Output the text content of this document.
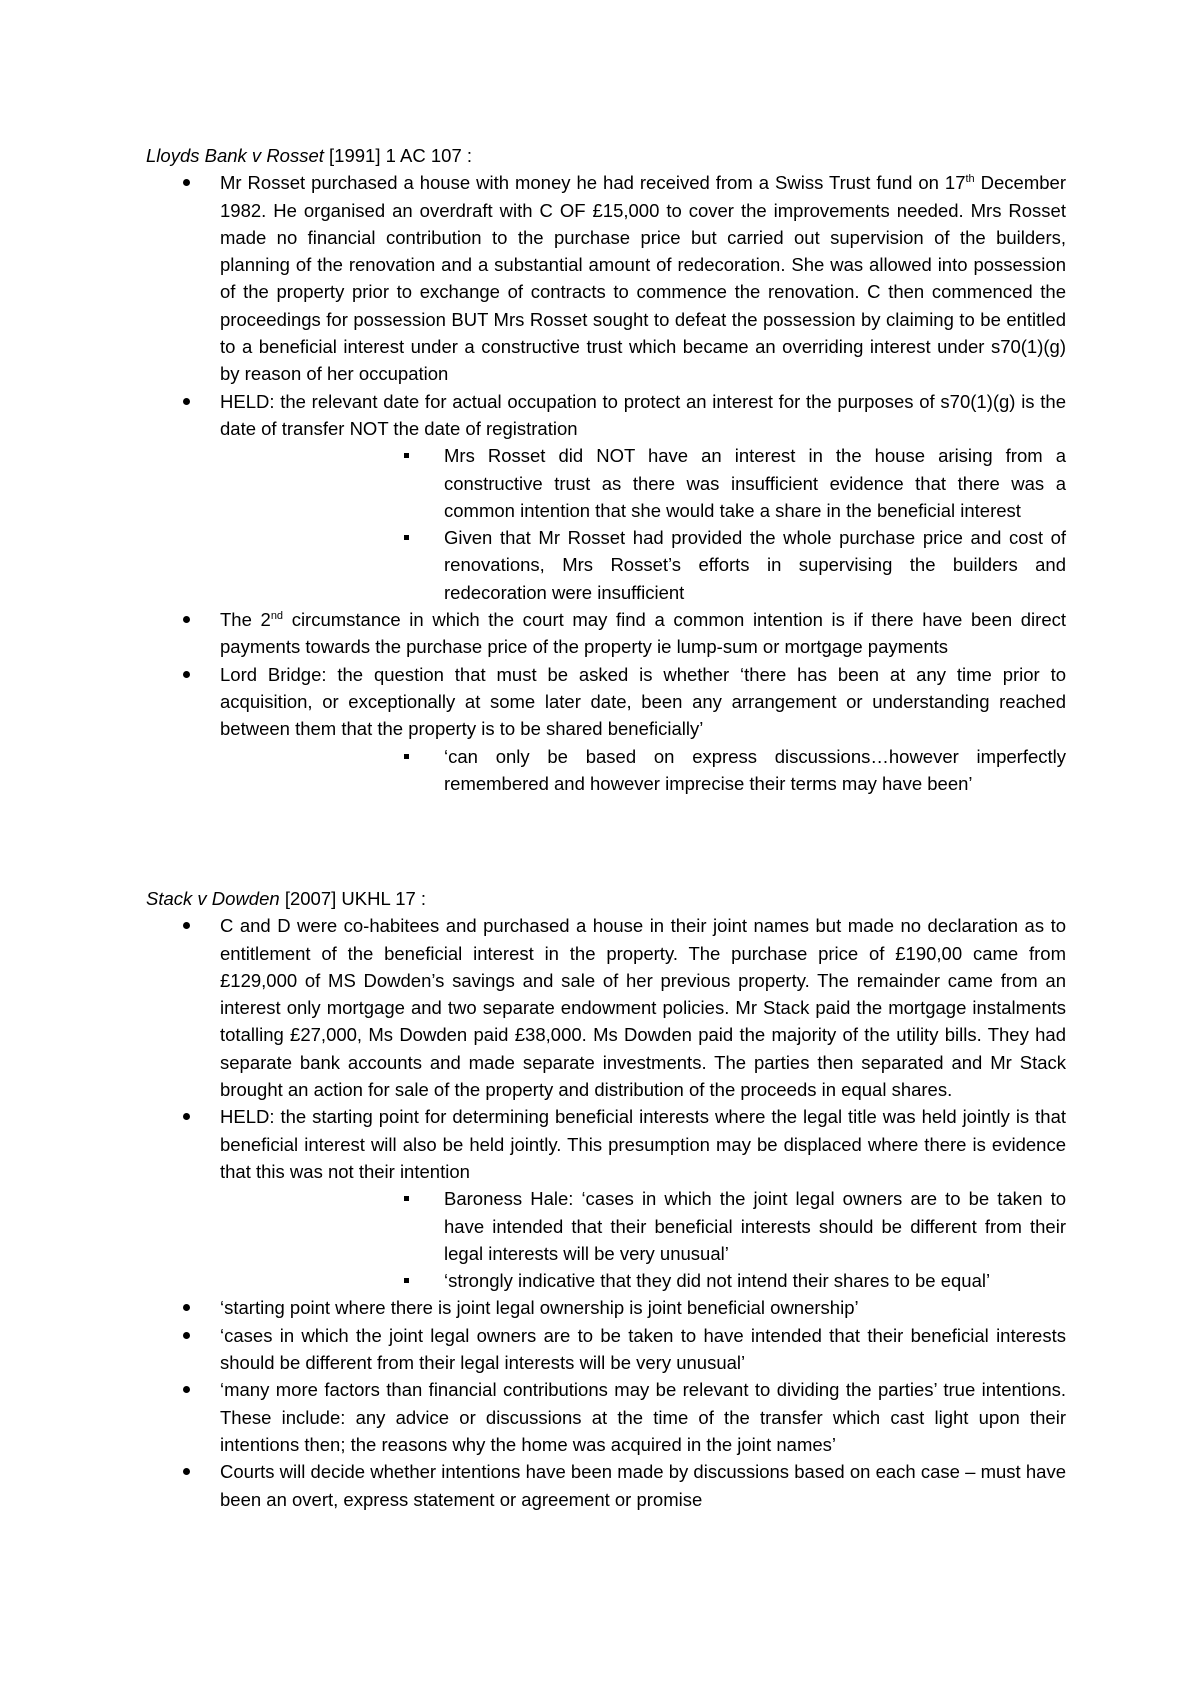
Lloyds Bank v Rosset [1991] 1 AC 107 :

Mr Rosset purchased a house with money he had received from a Swiss Trust fund on 17th December 1982. He organised an overdraft with C OF £15,000 to cover the improvements needed. Mrs Rosset made no financial contribution to the purchase price but carried out supervision of the builders, planning of the renovation and a substantial amount of redecoration. She was allowed into possession of the property prior to exchange of contracts to commence the renovation. C then commenced the proceedings for possession BUT Mrs Rosset sought to defeat the possession by claiming to be entitled to a beneficial interest under a constructive trust which became an overriding interest under s70(1)(g) by reason of her occupation
HELD: the relevant date for actual occupation to protect an interest for the purposes of s70(1)(g) is the date of transfer NOT the date of registration
Mrs Rosset did NOT have an interest in the house arising from a constructive trust as there was insufficient evidence that there was a common intention that she would take a share in the beneficial interest
Given that Mr Rosset had provided the whole purchase price and cost of renovations, Mrs Rosset’s efforts in supervising the builders and redecoration were insufficient
The 2nd circumstance in which the court may find a common intention is if there have been direct payments towards the purchase price of the property ie lump-sum or mortgage payments
Lord Bridge: the question that must be asked is whether ‘there has been at any time prior to acquisition, or exceptionally at some later date, been any arrangement or understanding reached between them that the property is to be shared beneficially’
‘can only be based on express discussions…however imperfectly remembered and however imprecise their terms may have been’

Stack v Dowden [2007] UKHL 17 :

C and D were co-habitees and purchased a house in their joint names but made no declaration as to entitlement of the beneficial interest in the property. The purchase price of £190,00 came from £129,000 of MS Dowden’s savings and sale of her previous property. The remainder came from an interest only mortgage and two separate endowment policies. Mr Stack paid the mortgage instalments totalling £27,000, Ms Dowden paid £38,000. Ms Dowden paid the majority of the utility bills. They had separate bank accounts and made separate investments. The parties then separated and Mr Stack brought an action for sale of the property and distribution of the proceeds in equal shares.
HELD: the starting point for determining beneficial interests where the legal title was held jointly is that beneficial interest will also be held jointly. This presumption may be displaced where there is evidence that this was not their intention
Baroness Hale: ‘cases in which the joint legal owners are to be taken to have intended that their beneficial interests should be different from their legal interests will be very unusual’
‘strongly indicative that they did not intend their shares to be equal’
‘starting point where there is joint legal ownership is joint beneficial ownership’
‘cases in which the joint legal owners are to be taken to have intended that their beneficial interests should be different from their legal interests will be very unusual’
‘many more factors than financial contributions may be relevant to dividing the parties’ true intentions. These include: any advice or discussions at the time of the transfer which cast light upon their intentions then; the reasons why the home was acquired in the joint names’
Courts will decide whether intentions have been made by discussions based on each case – must have been an overt, express statement or agreement or promise
